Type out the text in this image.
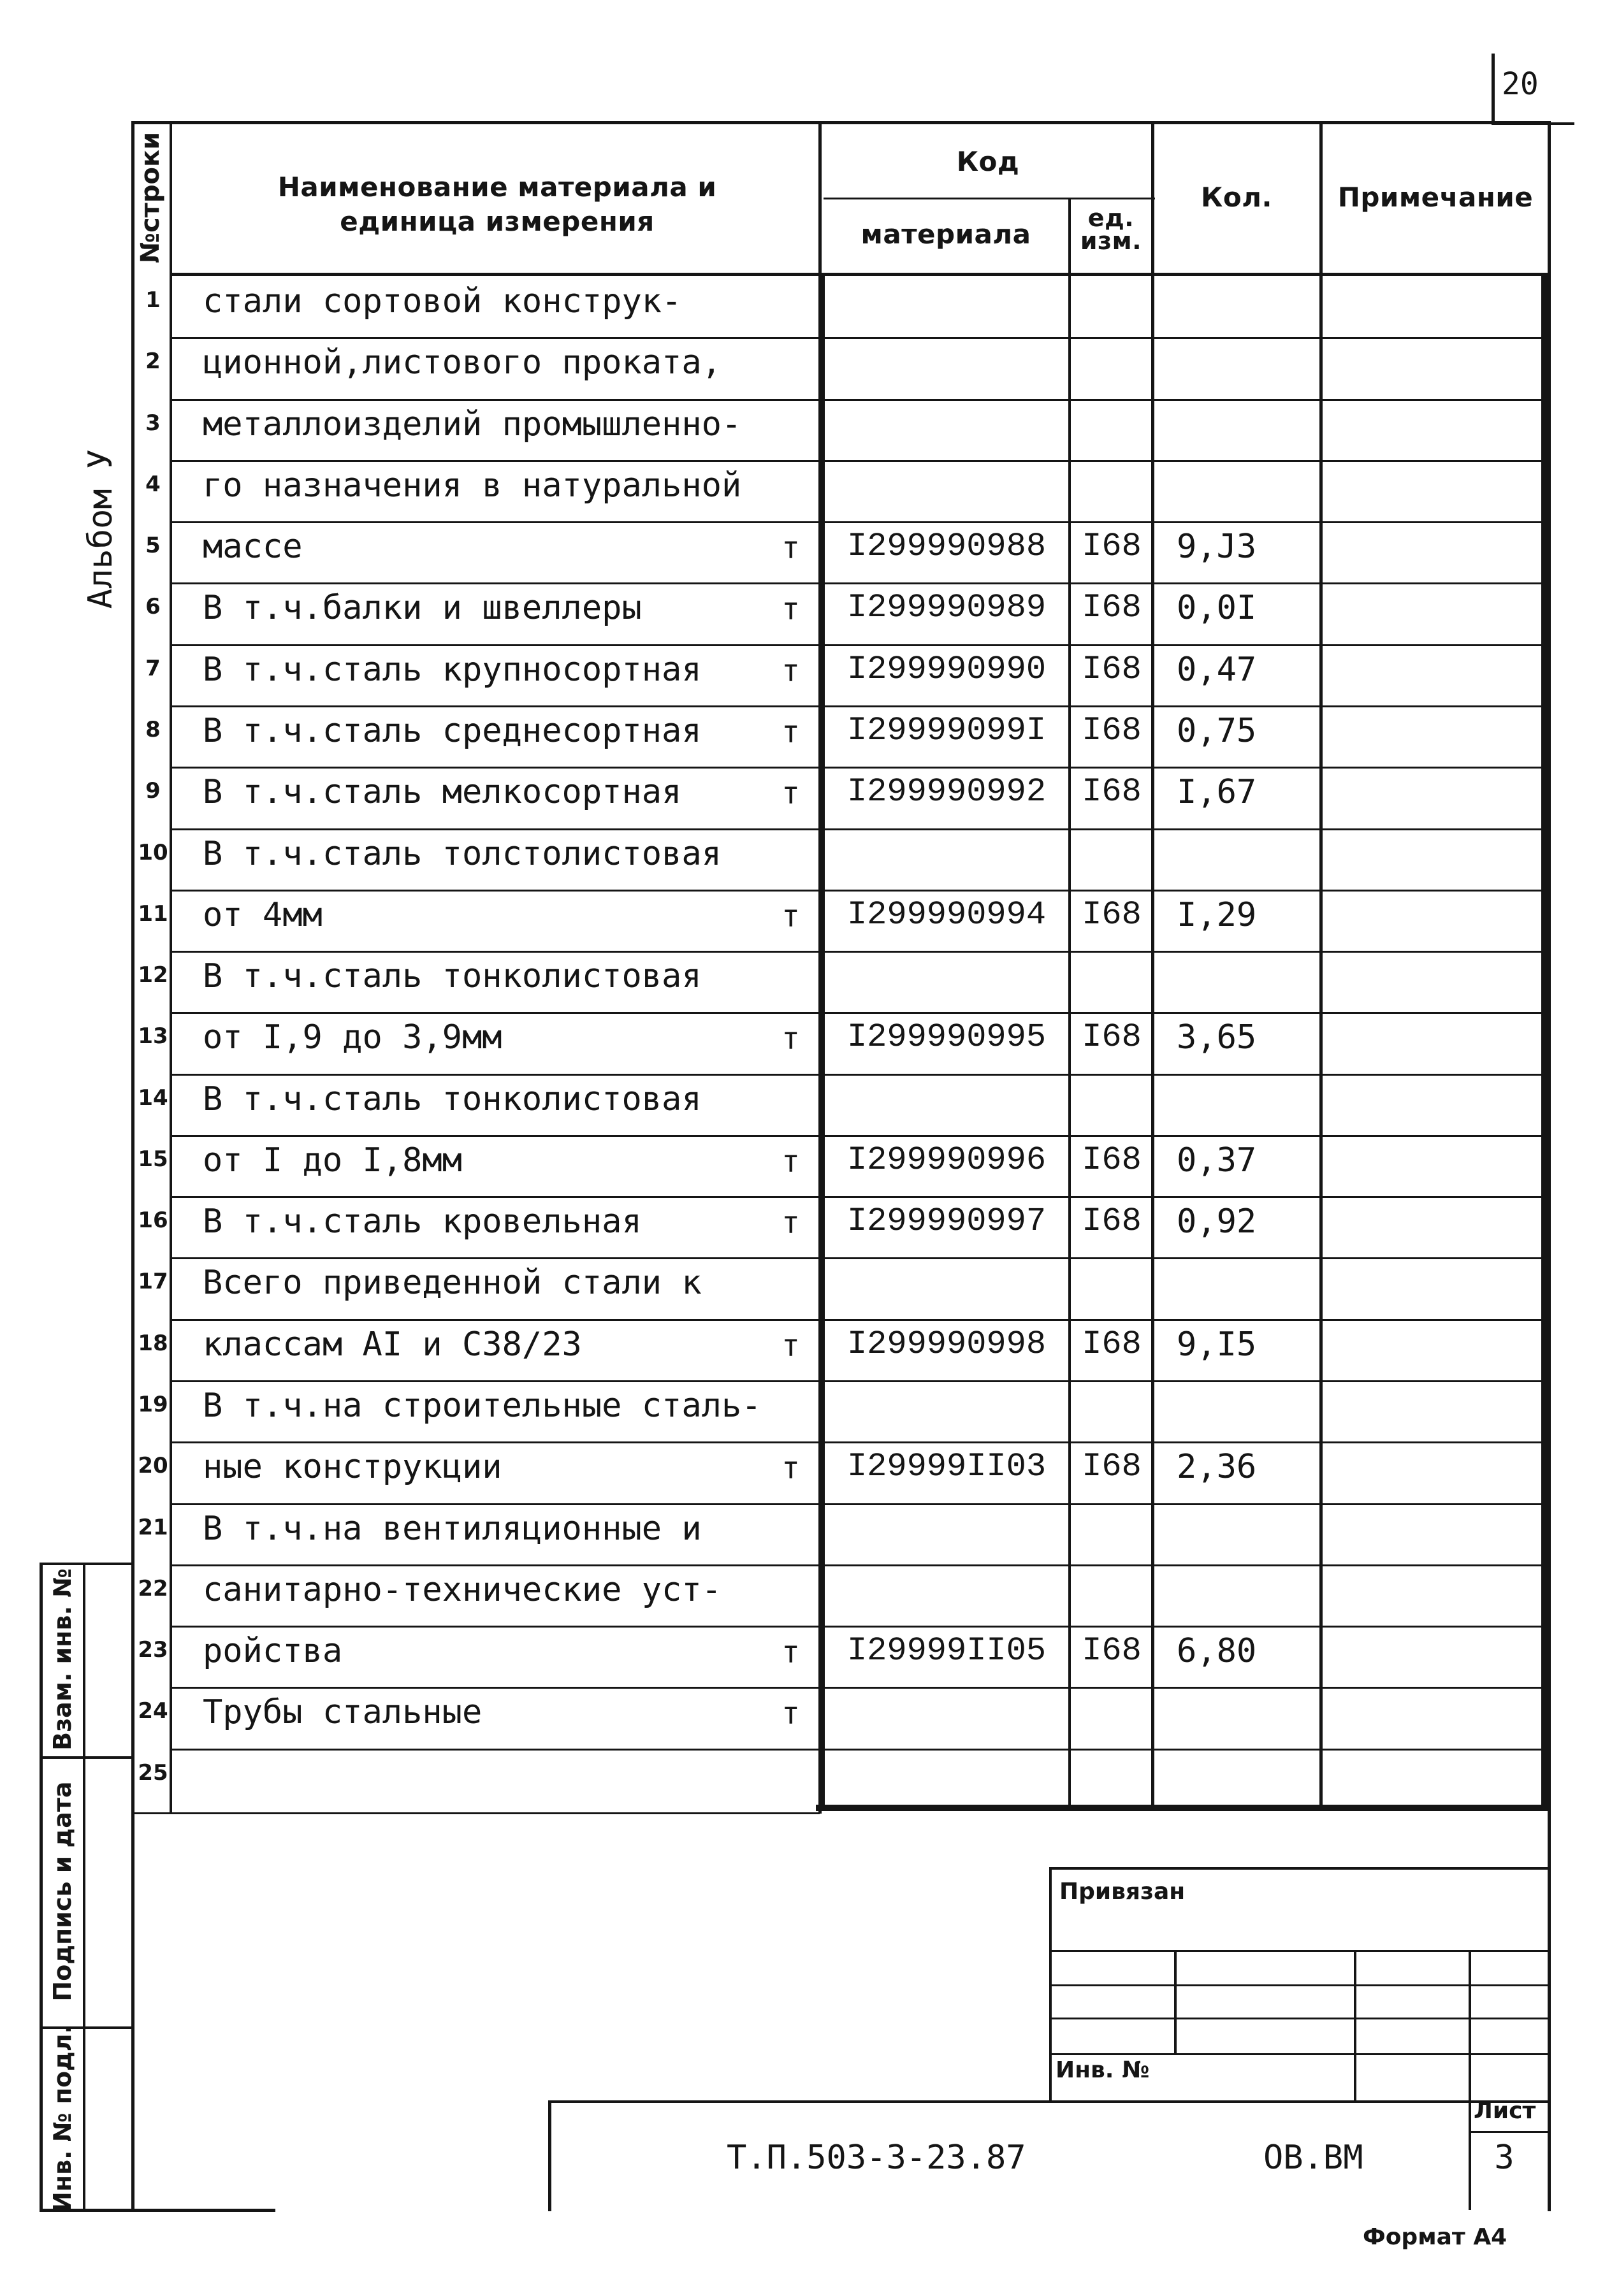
20
Альбом У
№строки	Наименование материала и
единица измерения
Код
материала
ед.
изм.
Кол.	Примечание
1 стали сортовой конструк-
2 ционной,листового проката,
3 металлоизделий промышленно-
4 го назначения в натуральной
5 массе	т	I299990988	I68	9,J3
6 В т.ч.балки и швеллеры	т	I299990989	I68	0,0I
7 В т.ч.сталь крупносортная	т	I299990990	I68	0,47
8 В т.ч.сталь среднесортная	т	I29999099I	I68	0,75
9 В т.ч.сталь мелкосортная	т	I299990992	I68	I,67
10 В т.ч.сталь толстолистовая
11 от 4мм	т	I299990994	I68	I,29
12 В т.ч.сталь тонколистовая
13 от I,9 до 3,9мм	т	I299990995	I68	3,65
14 В т.ч.сталь тонколистовая
15 от I до I,8мм	т	I299990996	I68	0,37
16 В т.ч.сталь кровельная	т	I299990997	I68	0,92
17 Всего приведенной стали к
18 классам AI и C38/23	т	I299990998	I68	9,I5
19 В т.ч.на строительные сталь-
20 ные конструкции	т	I29999II03	I68	2,36
21 В т.ч.на вентиляционные и
22 санитарно-технические уст-
23 ройства	т	I29999II05	I68	6,80
24 Трубы стальные	т
25
Взам. инв. №
Подпись и дата
Инв. № подл.
Привязан
Инв. №
Лист
3
Т.П.503-3-23.87	ОВ.ВМ
Формат А4
